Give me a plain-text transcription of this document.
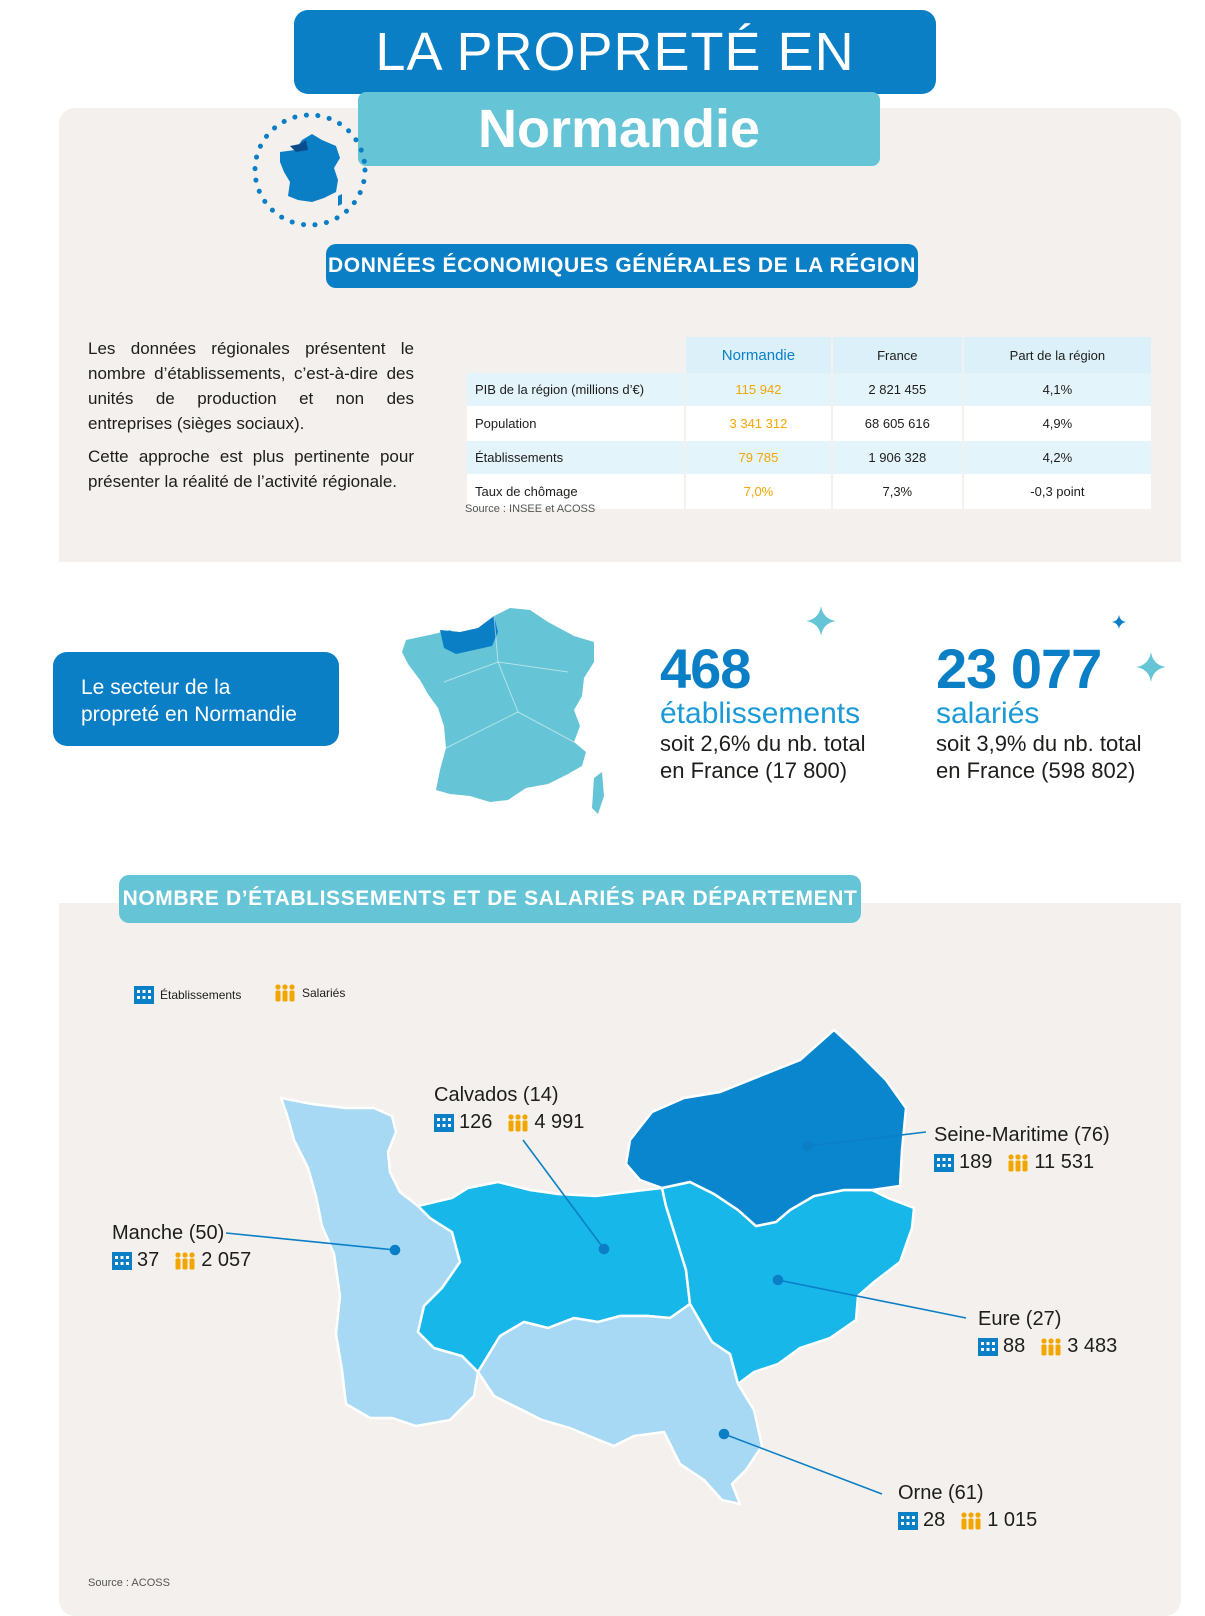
LA PROPRETÉ EN
Normandie
DONNÉES ÉCONOMIQUES GÉNÉRALES DE LA RÉGION

Les données régionales présentent le nombre d’établissements, c’est-à-dire des unités de production et non des entreprises (sièges sociaux).

Cette approche est plus pertinente pour présenter la réalité de l’activité régionale.

	Normandie	France	Part de la région
PIB de la région (millions d’€)	115 942	2 821 455	4,1%
Population	3 341 312	68 605 616	4,9%
Établissements	79 785	1 906 328	4,2%
Taux de chômage	7,0%	7,3%	-0,3 point
Source : INSEE et ACOSS
Le secteur de la
propreté en Normandie
468
établissements
soit 2,6% du nb. total
en France (17 800)
23 077
salariés
soit 3,9% du nb. total
en France (598 802)
NOMBRE D’ÉTABLISSEMENTS ET DE SALARIÉS PAR DÉPARTEMENT
Établissements	Salariés
Calvados (14)
126 4 991
Seine-Maritime (76)
189 11 531
Manche (50)
37 2 057
Eure (27)
88 3 483
Orne (61)
28 1 015
Source : ACOSS
